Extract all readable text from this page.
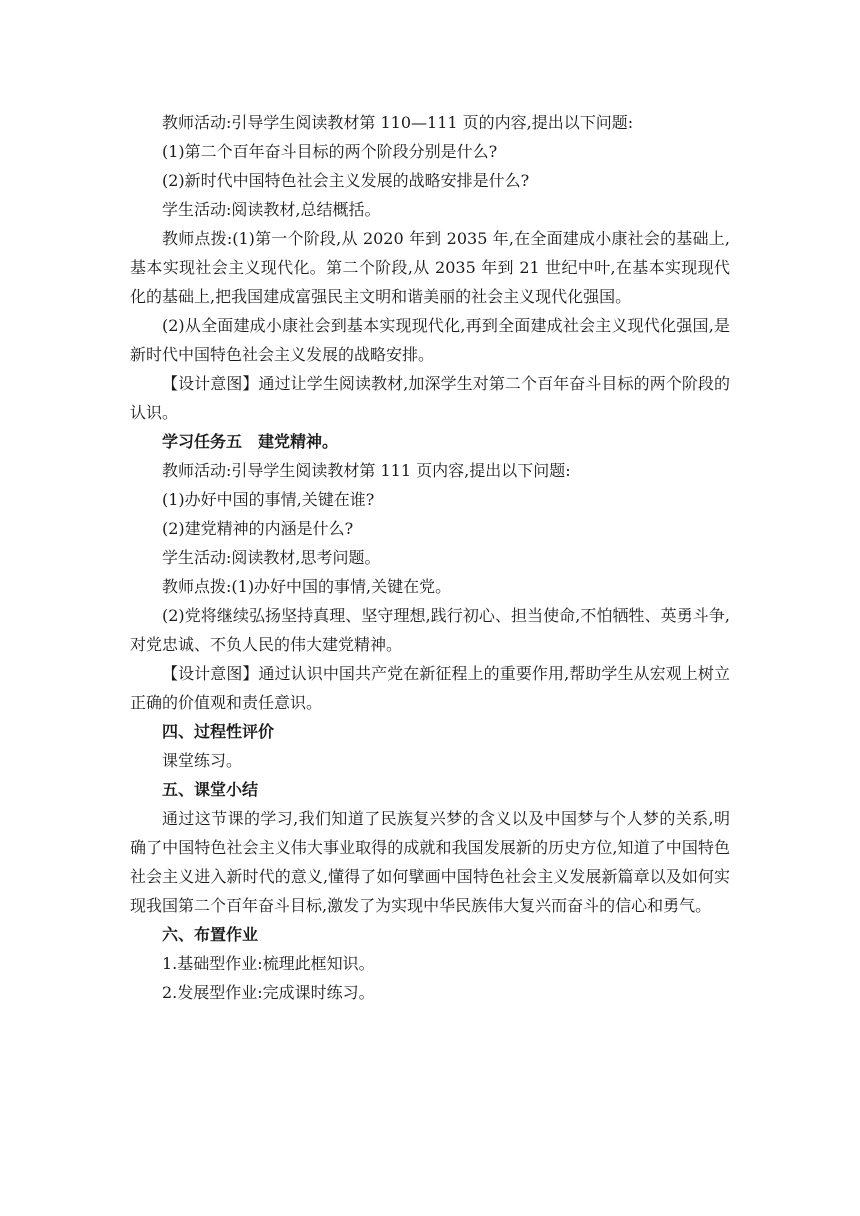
教师活动:引导学生阅读教材第 110—111 页的内容,提出以下问题:

(1)第二个百年奋斗目标的两个阶段分别是什么?

(2)新时代中国特色社会主义发展的战略安排是什么?

学生活动:阅读教材,总结概括。

教师点拨:(1)第一个阶段,从 2020 年到 2035 年,在全面建成小康社会的基础上,基本实现社会主义现代化。第二个阶段,从 2035 年到 21 世纪中叶,在基本实现现代化的基础上,把我国建成富强民主文明和谐美丽的社会主义现代化强国。

(2)从全面建成小康社会到基本实现现代化,再到全面建成社会主义现代化强国,是新时代中国特色社会主义发展的战略安排。

【设计意图】通过让学生阅读教材,加深学生对第二个百年奋斗目标的两个阶段的认识。

学习任务五　建党精神。

教师活动:引导学生阅读教材第 111 页内容,提出以下问题:

(1)办好中国的事情,关键在谁?

(2)建党精神的内涵是什么?

学生活动:阅读教材,思考问题。

教师点拨:(1)办好中国的事情,关键在党。

(2)党将继续弘扬坚持真理、坚守理想,践行初心、担当使命,不怕牺牲、英勇斗争,对党忠诚、不负人民的伟大建党精神。

【设计意图】通过认识中国共产党在新征程上的重要作用,帮助学生从宏观上树立正确的价值观和责任意识。

四、过程性评价

课堂练习。

五、课堂小结

通过这节课的学习,我们知道了民族复兴梦的含义以及中国梦与个人梦的关系,明确了中国特色社会主义伟大事业取得的成就和我国发展新的历史方位,知道了中国特色社会主义进入新时代的意义,懂得了如何擘画中国特色社会主义发展新篇章以及如何实现我国第二个百年奋斗目标,激发了为实现中华民族伟大复兴而奋斗的信心和勇气。

六、布置作业

1.基础型作业:梳理此框知识。

2.发展型作业:完成课时练习。
